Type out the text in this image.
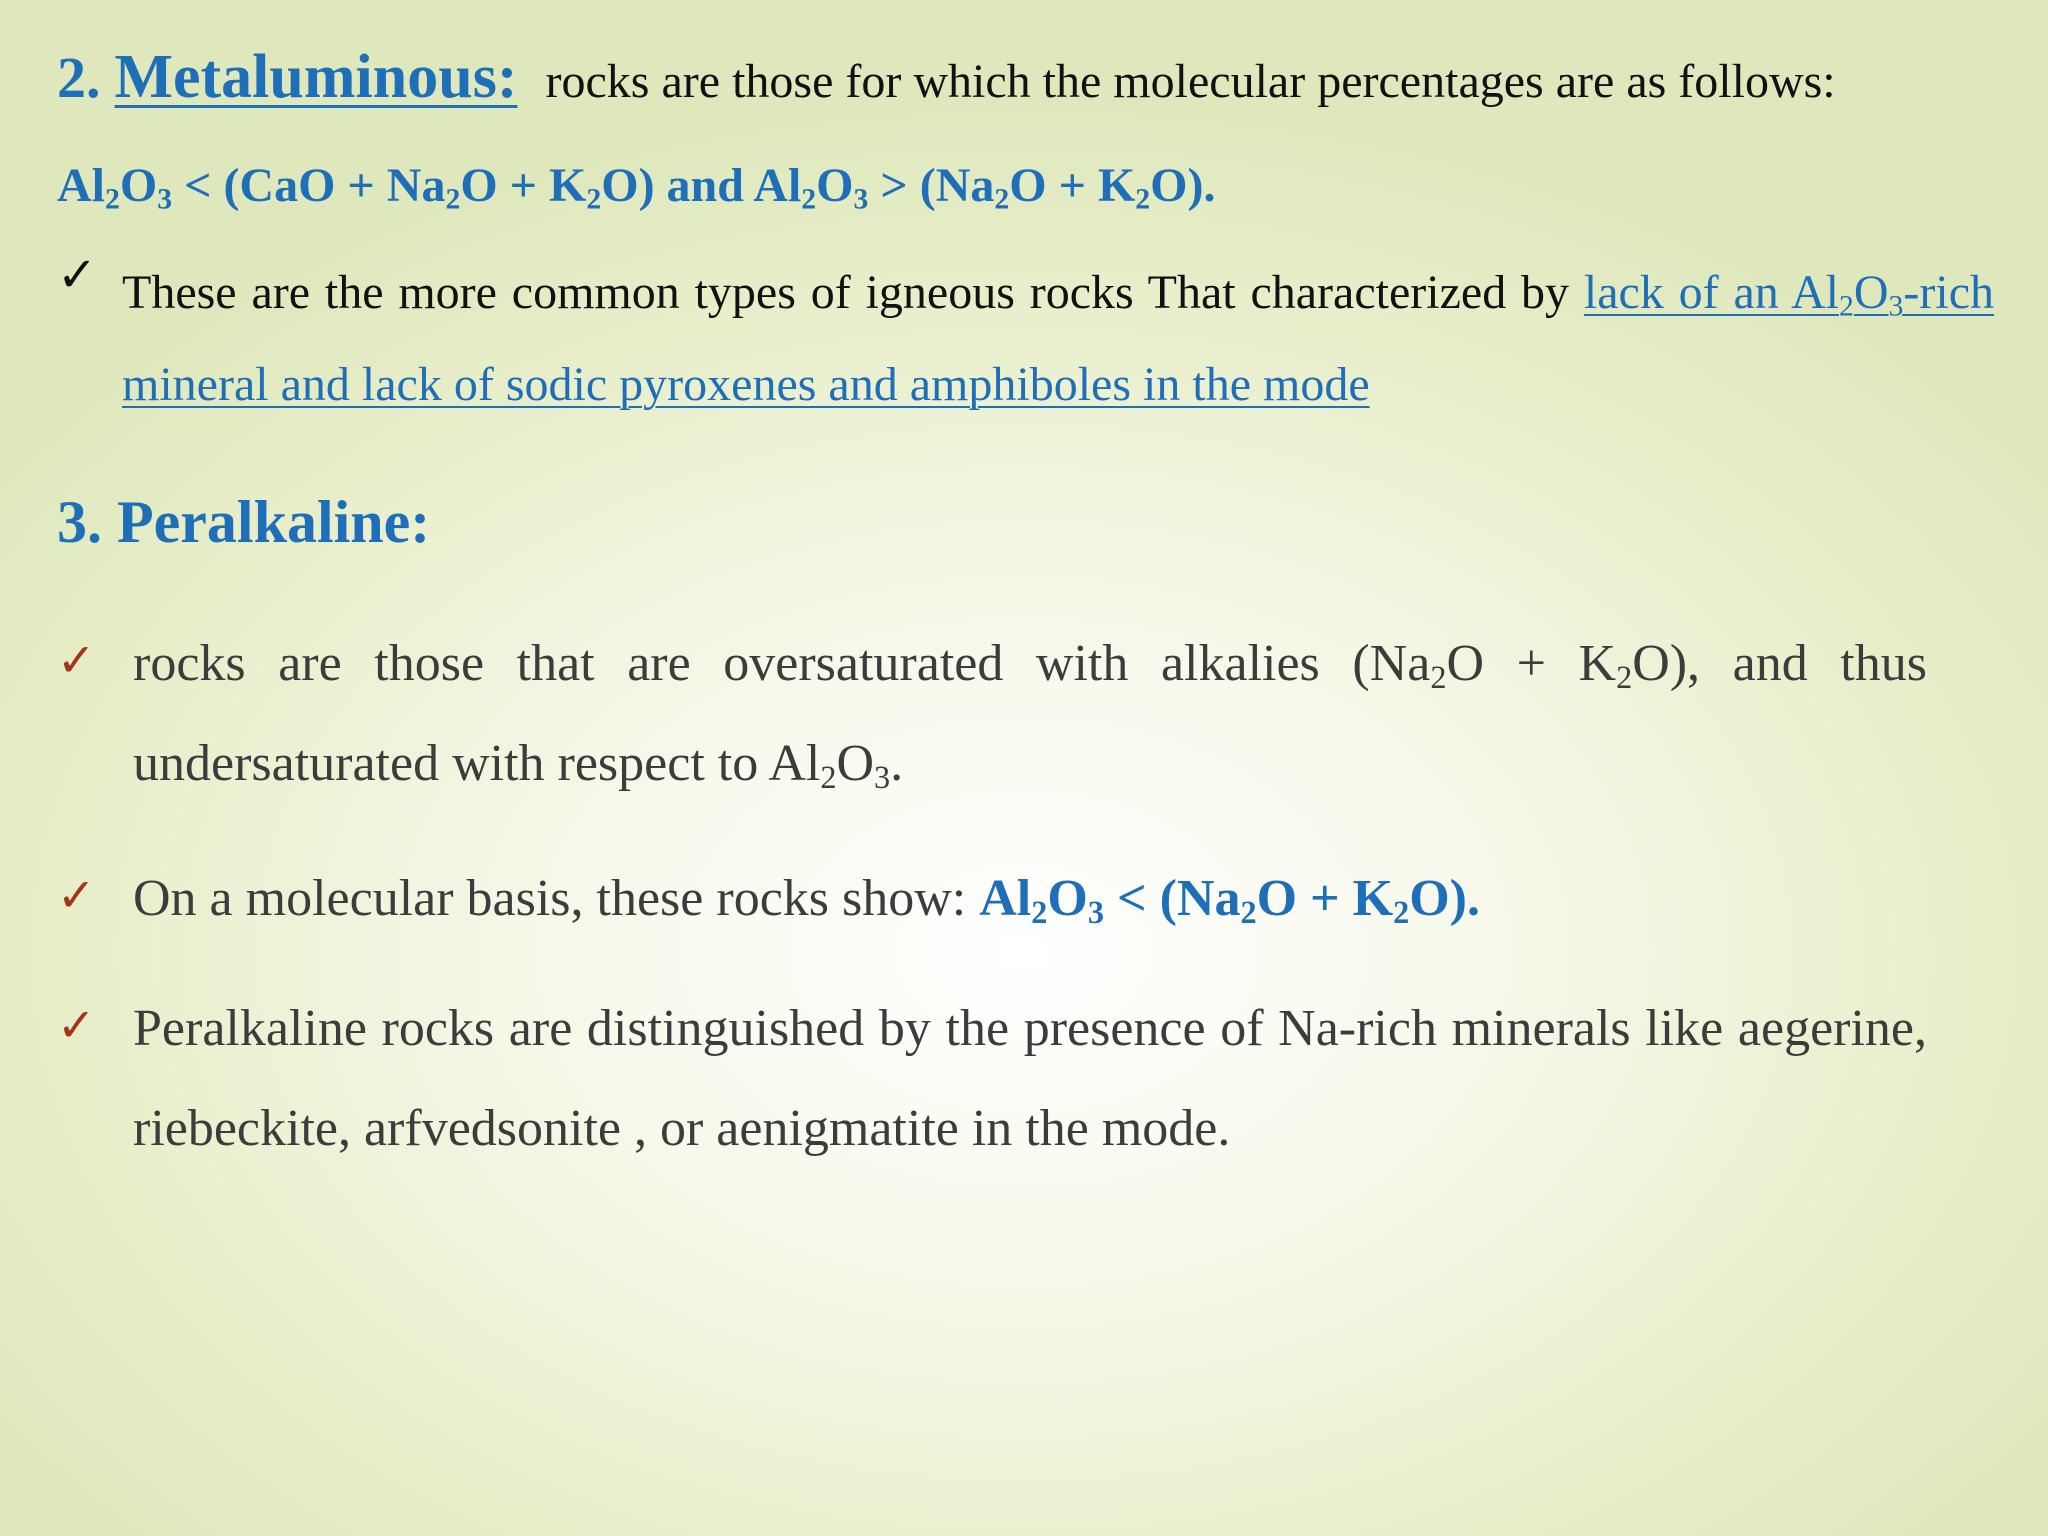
2. Metaluminous: rocks are those for which the molecular percentages are as follows:
$Al_2O_3 < (CaO + Na_2O + K_2O)$ and $Al_2O_3 > (Na_2O + K_2O)$.
✓ These are the more common types of igneous rocks That characterized by lack of an $Al_2O_3$-rich mineral and lack of sodic pyroxenes and amphiboles in the mode
3. Peralkaline:
✓ rocks are those that are oversaturated with alkalies $(Na_2O + K_2O)$, and thus undersaturated with respect to $Al_2O_3$.
✓ On a molecular basis, these rocks show: $Al_2O_3 < (Na_2O + K_2O)$.
✓ Peralkaline rocks are distinguished by the presence of Na-rich minerals like aegerine, riebeckite, arfvedsonite , or aenigmatite in the mode.
